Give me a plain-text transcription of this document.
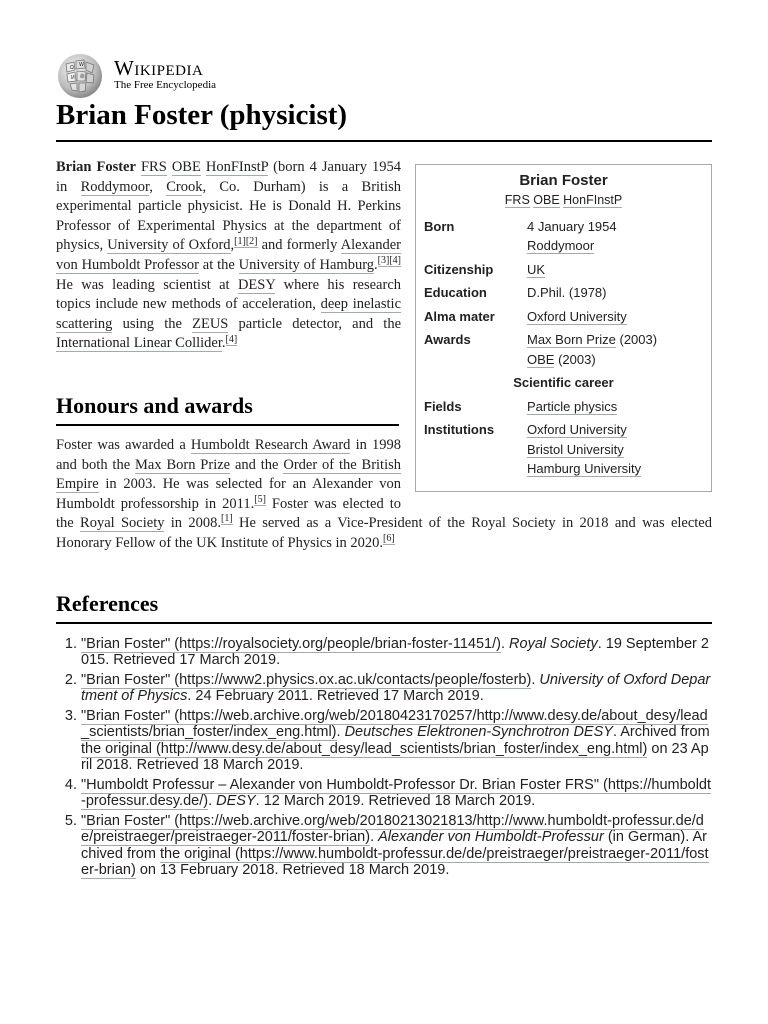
Ω W
И 維 Wikipedia
The Free Encyclopedia
Brian Foster (physicist)
Brian Foster
FRS OBE HonFInstP
Born	4 January 1954
Roddymoor
Citizenship	UK
Education	D.Phil. (1978)
Alma mater	Oxford University
Awards	Max Born Prize (2003)
OBE (2003)
Scientific career
Fields	Particle physics
Institutions	Oxford University
Bristol University
Hamburg University

Brian Foster FRS OBE HonFInstP (born 4 January 1954 in Roddymoor, Crook, Co. Durham) is a British experimental particle physicist. He is Donald H. Perkins Professor of Experimental Physics at the department of physics, University of Oxford,[1][2] and formerly Alexander von Humboldt Professor at the University of Hamburg.[3][4] He was leading scientist at DESY where his research topics include new methods of acceleration, deep inelastic scattering using the ZEUS particle detector, and the International Linear Collider.[4]

Honours and awards

Foster was awarded a Humboldt Research Award in 1998 and both the Max Born Prize and the Order of the British Empire in 2003. He was selected for an Alexander von Humboldt professorship in 2011.[5] Foster was elected to the Royal Society in 2008.[1] He served as a Vice-President of the Royal Society in 2018 and was elected Honorary Fellow of the UK Institute of Physics in 2020.[6]

References
1. "Brian Foster" (https://royalsociety.org/people/brian-foster-11451/). Royal Society. 19 September 2015. Retrieved 17 March 2019.
2. "Brian Foster" (https://www2.physics.ox.ac.uk/contacts/people/fosterb). University of Oxford Department of Physics. 24 February 2011. Retrieved 17 March 2019.
3. "Brian Foster" (https://web.archive.org/web/20180423170257/http://www.desy.de/about_desy/lead_scientists/brian_foster/index_eng.html). Deutsches Elektronen-Synchrotron DESY. Archived from the original (http://www.desy.de/about_desy/lead_scientists/brian_foster/index_eng.html) on 23 April 2018. Retrieved 18 March 2019.
4. "Humboldt Professur – Alexander von Humboldt-Professor Dr. Brian Foster FRS" (https://humboldt-professur.desy.de/). DESY. 12 March 2019. Retrieved 18 March 2019.
5. "Brian Foster" (https://web.archive.org/web/20180213021813/http://www.humboldt-professur.de/de/preistraeger/preistraeger-2011/foster-brian). Alexander von Humboldt-Professur (in German). Archived from the original (https://www.humboldt-professur.de/de/preistraeger/preistraeger-2011/foster-brian) on 13 February 2018. Retrieved 18 March 2019.
